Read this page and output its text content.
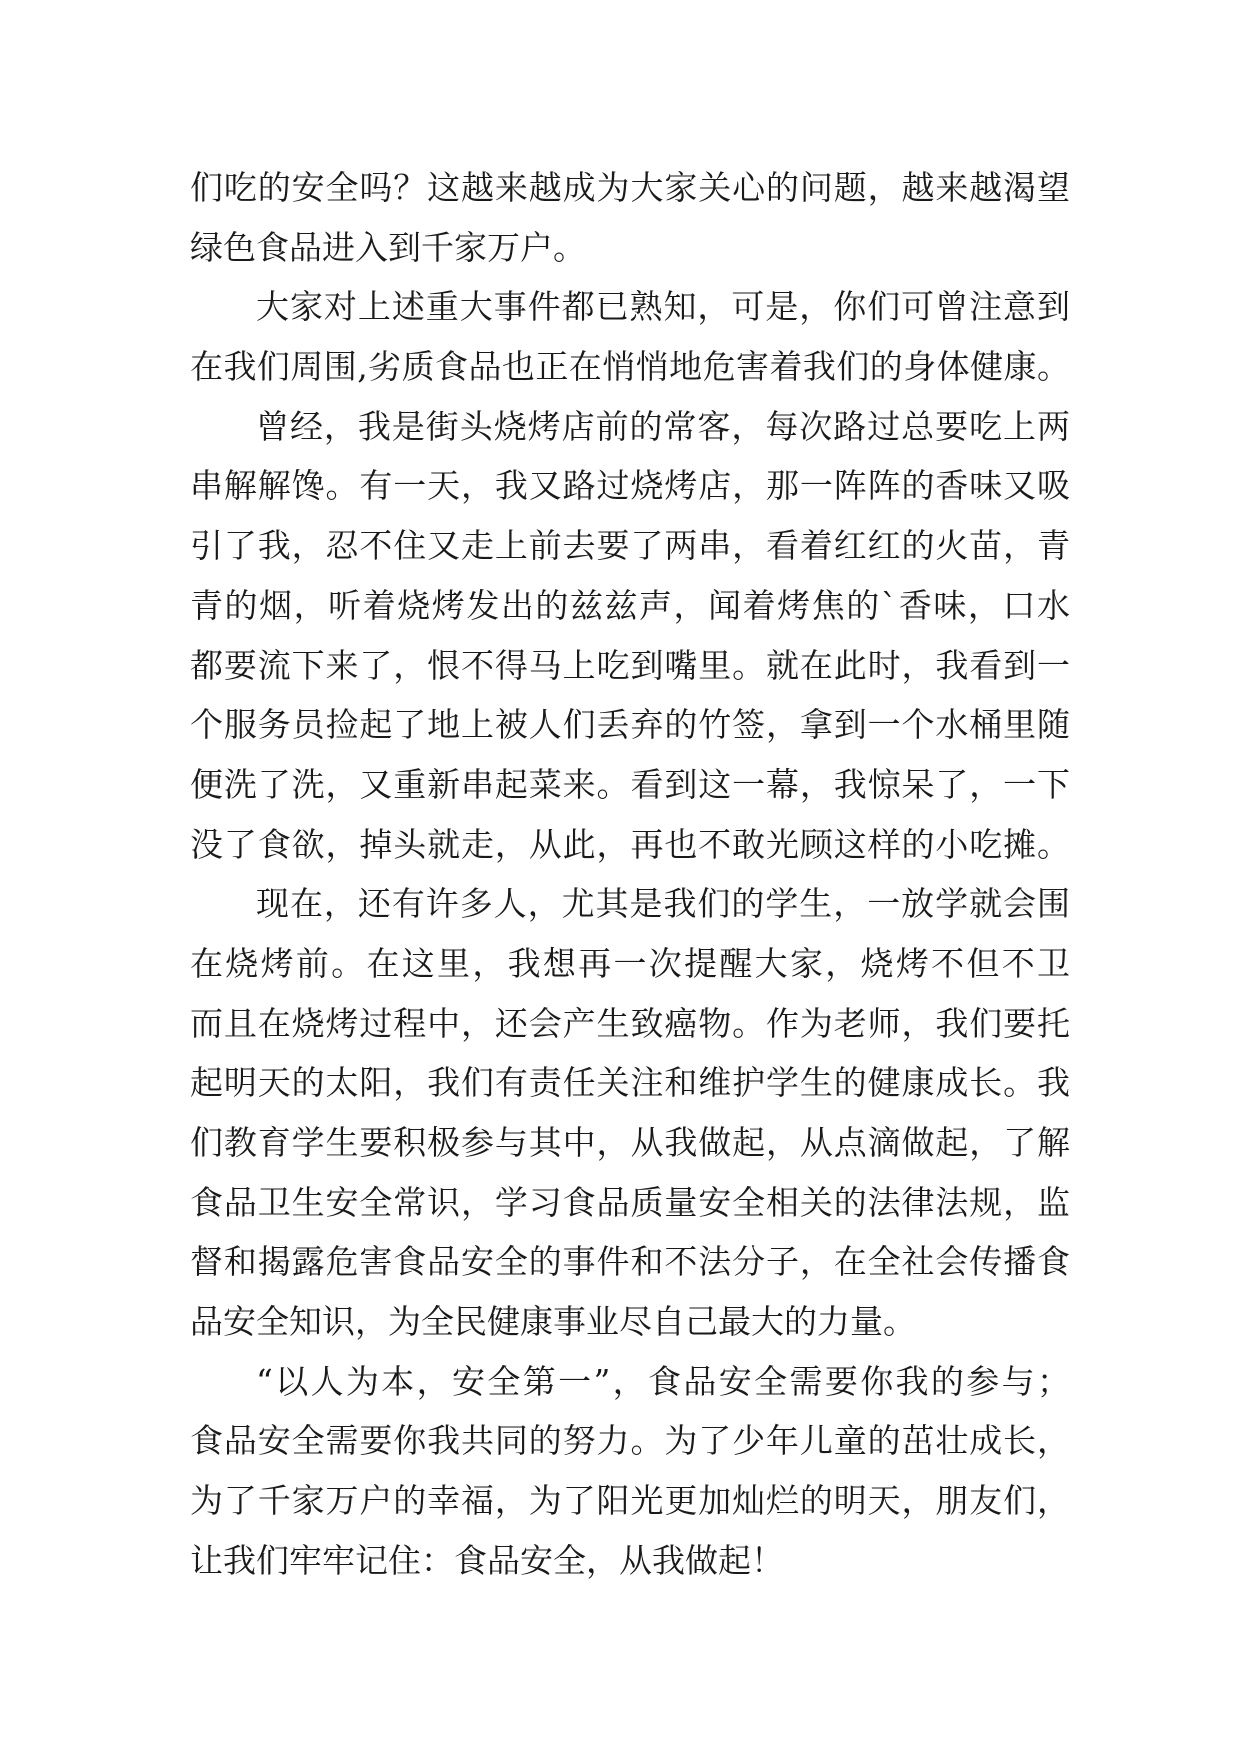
们吃的安全吗？这越来越成为大家关心的问题，越来越渴望
绿色食品进入到千家万户。
大家对上述重大事件都已熟知，可是，你们可曾注意到
在我们周围,劣质食品也正在悄悄地危害着我们的身体健康。
曾经，我是街头烧烤店前的常客，每次路过总要吃上两
串解解馋。有一天，我又路过烧烤店，那一阵阵的香味又吸
引了我，忍不住又走上前去要了两串，看着红红的火苗，青
青的烟，听着烧烤发出的兹兹声，闻着烤焦的`香味，口水
都要流下来了，恨不得马上吃到嘴里。就在此时，我看到一
个服务员捡起了地上被人们丢弃的竹签，拿到一个水桶里随
便洗了洗，又重新串起菜来。看到这一幕，我惊呆了，一下
没了食欲，掉头就走，从此，再也不敢光顾这样的小吃摊。
现在，还有许多人，尤其是我们的学生，一放学就会围
在烧烤前。在这里，我想再一次提醒大家，烧烤不但不卫
而且在烧烤过程中，还会产生致癌物。作为老师，我们要托
起明天的太阳，我们有责任关注和维护学生的健康成长。我
们教育学生要积极参与其中，从我做起，从点滴做起，了解
食品卫生安全常识，学习食品质量安全相关的法律法规，监
督和揭露危害食品安全的事件和不法分子，在全社会传播食
品安全知识，为全民健康事业尽自己最大的力量。
“以人为本，安全第一”，食品安全需要你我的参与；
食品安全需要你我共同的努力。为了少年儿童的茁壮成长，
为了千家万户的幸福，为了阳光更加灿烂的明天，朋友们，
让我们牢牢记住：食品安全，从我做起！
